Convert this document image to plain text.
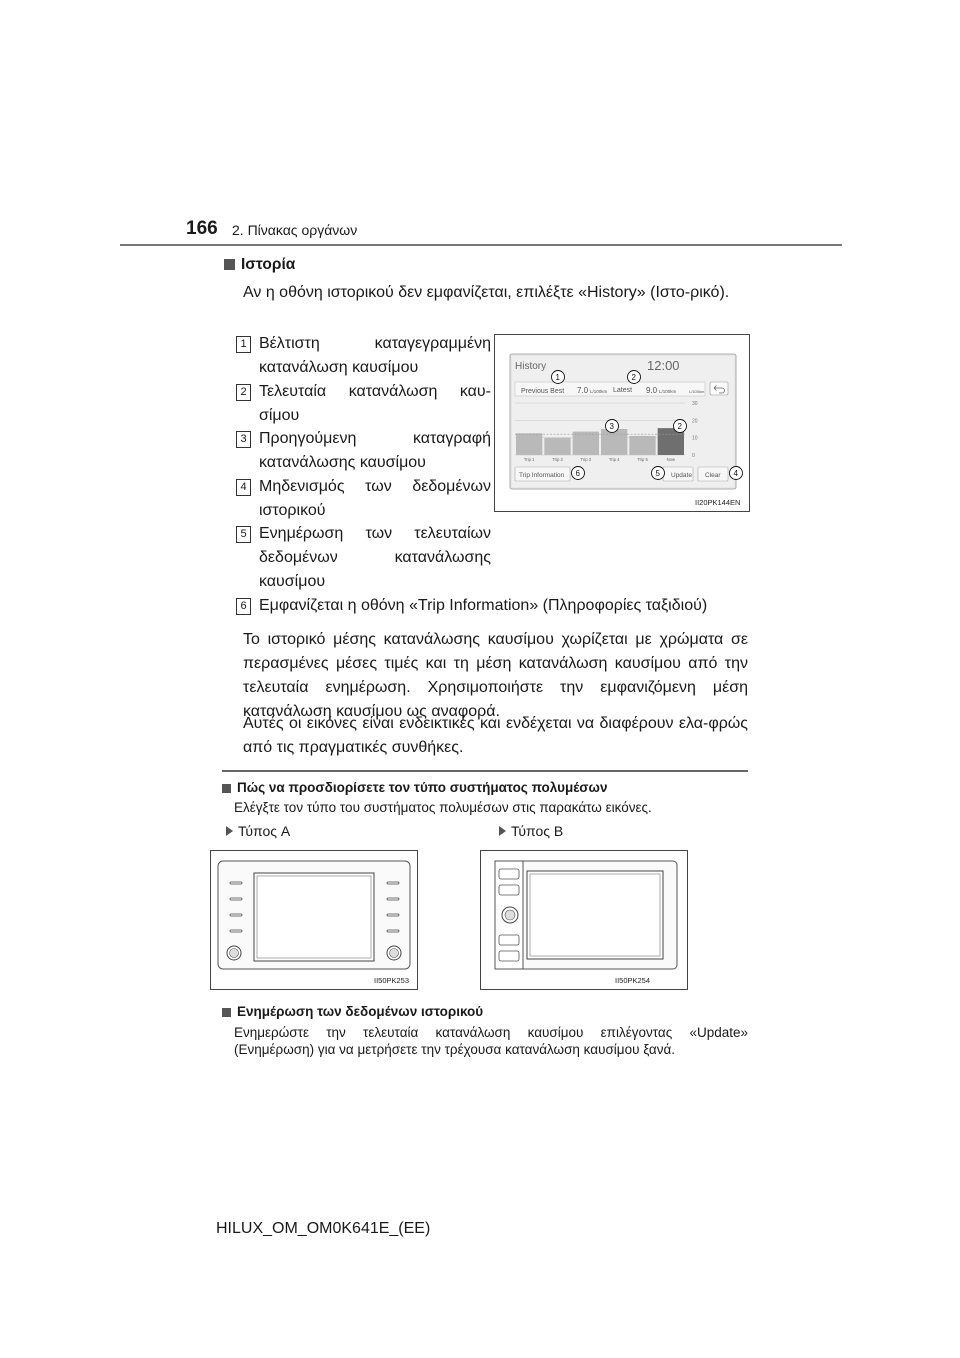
166 2. Πίνακας οργάνων
Ιστορία
Αν η οθόνη ιστορικού δεν εμφανίζεται, επιλέξτε «History» (Ιστο-ρικό).
1 Βέλτιστη καταγεγραμμένη κατανάλωση καυσίμου
2 Τελευταία κατανάλωση καυ-σίμου
3 Προηγούμενη καταγραφή κατανάλωσης καυσίμου
4 Μηδενισμός των δεδομένων ιστορικού
5 Ενημέρωση των τελευταίων δεδομένων κατανάλωσης καυσίμου
6 Εμφανίζεται η οθόνη «Trip Information» (Πληροφορίες ταξιδιού)
History	12:00
Previous Best 7.0 L/100km Latest 9.0 L/100km	L/100km
30
20
10
0
Trip 1	Trip 2	Trip 3	Trip 4	Trip 5	Now
Trip Information	Update Clear
1	2
3	2
6	5	4
II20PK144EN
Το ιστορικό μέσης κατανάλωσης καυσίμου χωρίζεται με χρώματα σε περασμένες μέσες τιμές και τη μέση κατανάλωση καυσίμου από την τελευταία ενημέρωση. Χρησιμοποιήστε την εμφανιζόμενη μέση κατανάλωση καυσίμου ως αναφορά.
Αυτές οι εικόνες είναι ενδεικτικές και ενδέχεται να διαφέρουν ελα-φρώς από τις πραγματικές συνθήκες.
Πώς να προσδιορίσετε τον τύπο συστήματος πολυμέσων
Ελέγξτε τον τύπο του συστήματος πολυμέσων στις παρακάτω εικόνες.
Τύπος A	Τύπος B
II50PK253	II50PK254
Ενημέρωση των δεδομένων ιστορικού
Ενημερώστε την τελευταία κατανάλωση καυσίμου επιλέγοντας «Update» (Ενημέρωση) για να μετρήσετε την τρέχουσα κατανάλωση καυσίμου ξανά.
HILUX_OM_OM0K641E_(EE)
